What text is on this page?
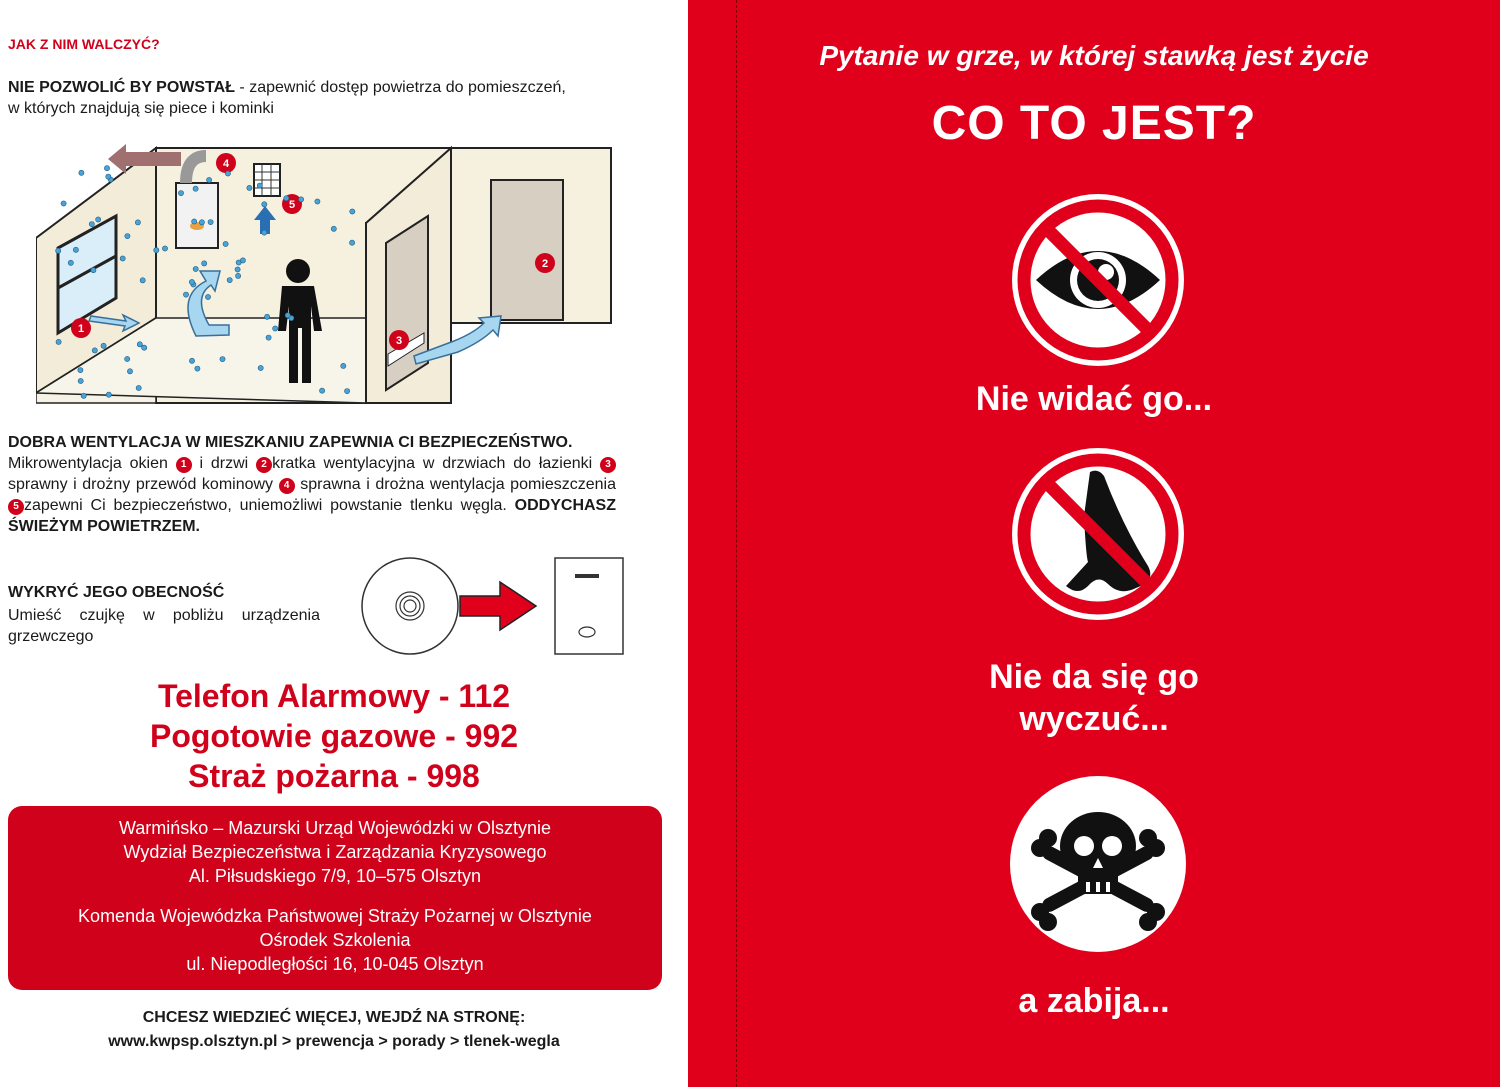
JAK Z NIM WALCZYĆ?
NIE POZWOLIĆ BY POWSTAŁ - zapewnić dostęp powietrza do pomieszczeń, w których znajdują się piece i kominki
1
2
3
4
5
DOBRA WENTYLACJA W MIESZKANIU ZAPEWNIA CI BEZPIECZEŃSTWO.
Mikrowentylacja okien 1 i drzwi 2 kratka wentylacyjna w drzwiach do łazienki 3 sprawny i drożny przewód kominowy 4 sprawna i drożna wentylacja pomieszczenia 5 zapewni Ci bezpieczeństwo, uniemożliwi powstanie tlenku węgla. ODDYCHASZ ŚWIEŻYM POWIETRZEM.
WYKRYĆ JEGO OBECNOŚĆ
Umieść czujkę w pobliżu urządzenia grzewczego
Telefon Alarmowy - 112
Pogotowie gazowe - 992
Straż pożarna - 998
Warmińsko – Mazurski Urząd Wojewódzki w Olsztynie
Wydział Bezpieczeństwa i Zarządzania Kryzysowego
Al. Piłsudskiego 7/9, 10–575 Olsztyn
Komenda Wojewódzka Państwowej Straży Pożarnej w Olsztynie
Ośrodek Szkolenia
ul. Niepodległości 16, 10-045 Olsztyn
CHCESZ WIEDZIEĆ WIĘCEJ, WEJDŹ NA STRONĘ:
www.kwpsp.olsztyn.pl > prewencja > porady > tlenek-wegla
Pytanie w grze, w której stawką jest życie
CO TO JEST?
Nie widać go...
Nie da się go
wyczuć...
a zabija...
